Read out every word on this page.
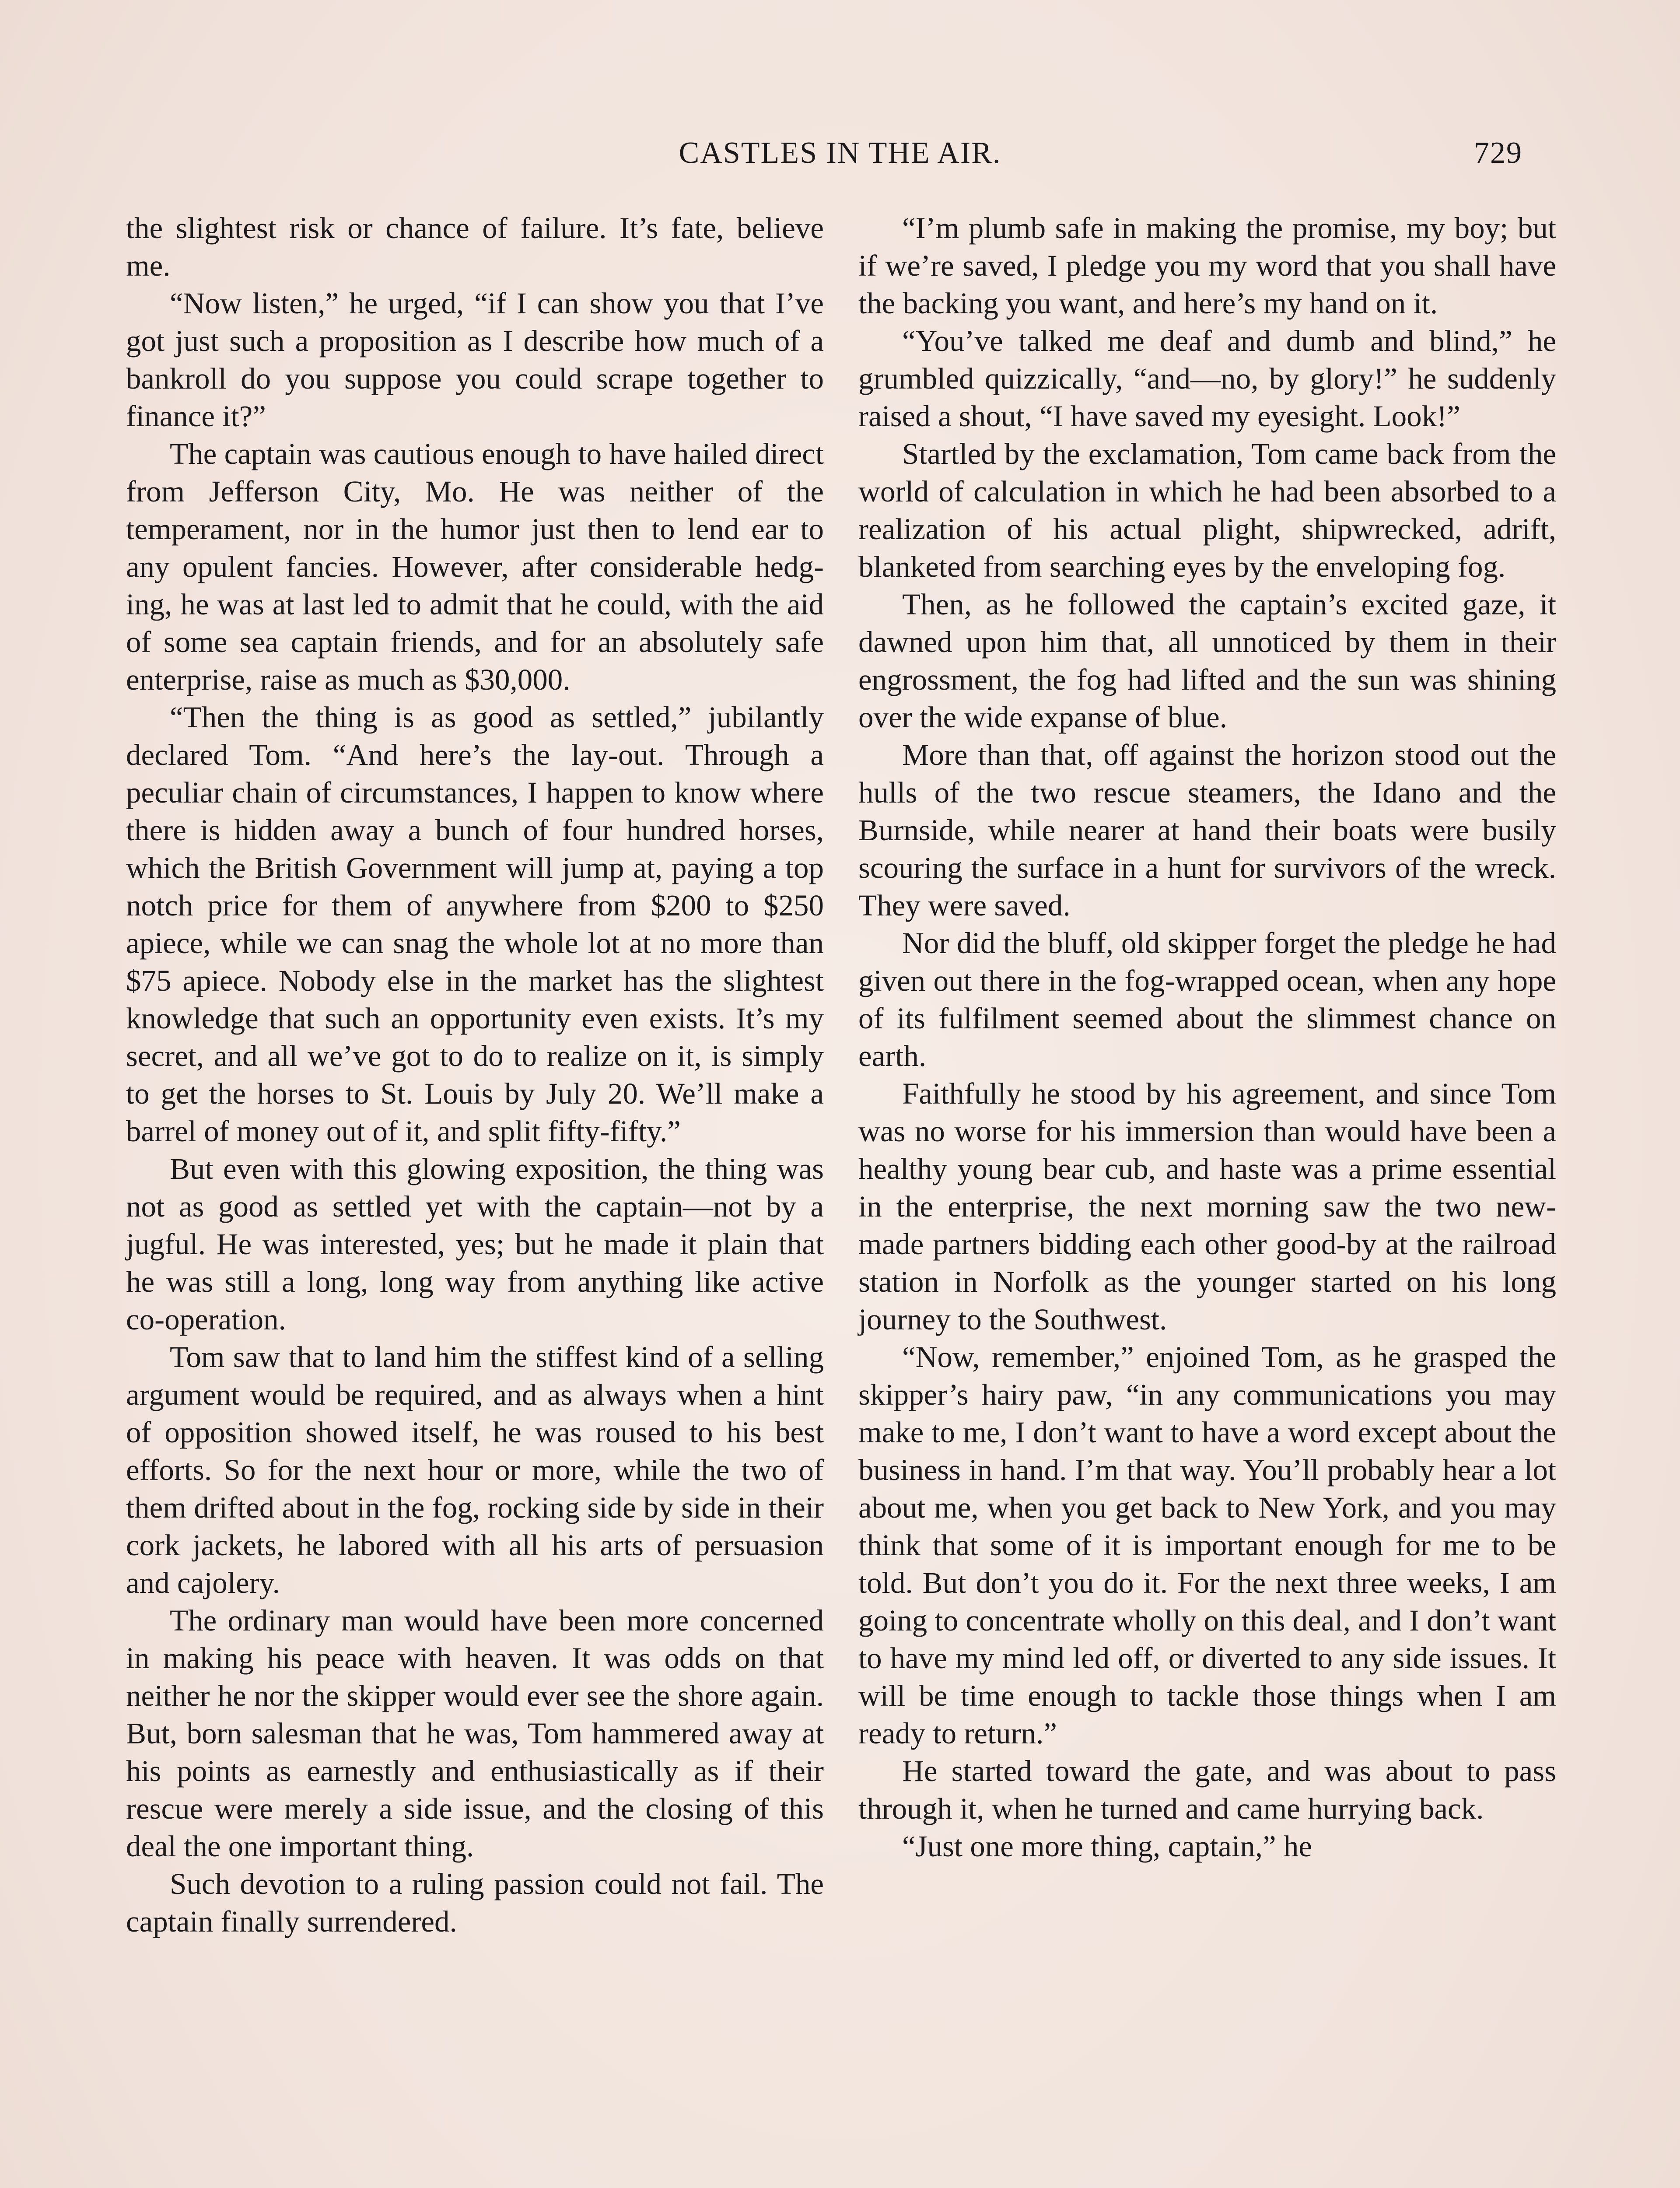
CASTLES IN THE AIR.	729

the slightest risk or chance of failure. It’s fate, believe me.

“Now listen,” he urged, “if I can show you that I’ve got just such a proposition as I describe how much of a bankroll do you suppose you could scrape together to finance it?”

The captain was cautious enough to have hailed direct from Jefferson City, Mo. He was neither of the temperament, nor in the humor just then to lend ear to any opulent fancies. However, after considerable hedging, he was at last led to admit that he could, with the aid of some sea captain friends, and for an absolutely safe enterprise, raise as much as $30,000.

“Then the thing is as good as settled,” jubilantly declared Tom. “And here’s the lay-out. Through a peculiar chain of circumstances, I happen to know where there is hidden away a bunch of four hundred horses, which the British Government will jump at, paying a top notch price for them of anywhere from $200 to $250 apiece, while we can snag the whole lot at no more than $75 apiece. Nobody else in the market has the slightest knowledge that such an opportunity even exists. It’s my secret, and all we’ve got to do to realize on it, is simply to get the horses to St. Louis by July 20. We’ll make a barrel of money out of it, and split fifty-fifty.”

But even with this glowing exposition, the thing was not as good as settled yet with the captain—not by a jugful. He was interested, yes; but he made it plain that he was still a long, long way from anything like active co-operation.

Tom saw that to land him the stiffest kind of a selling argument would be required, and as always when a hint of opposition showed itself, he was roused to his best efforts. So for the next hour or more, while the two of them drifted about in the fog, rocking side by side in their cork jackets, he labored with all his arts of persuasion and cajolery.

The ordinary man would have been more concerned in making his peace with heaven. It was odds on that neither he nor the skipper would ever see the shore again. But, born salesman that he was, Tom hammered away at his points as earnestly and enthusiastically as if their rescue were merely a side issue, and the closing of this deal the one important thing.

Such devotion to a ruling passion could not fail. The captain finally surrendered.

“I’m plumb safe in making the promise, my boy; but if we’re saved, I pledge you my word that you shall have the backing you want, and here’s my hand on it.

“You’ve talked me deaf and dumb and blind,” he grumbled quizzically, “and—no, by glory!” he suddenly raised a shout, “I have saved my eyesight. Look!”

Startled by the exclamation, Tom came back from the world of calculation in which he had been absorbed to a realization of his actual plight, shipwrecked, adrift, blanketed from searching eyes by the enveloping fog.

Then, as he followed the captain’s excited gaze, it dawned upon him that, all unnoticed by them in their engrossment, the fog had lifted and the sun was shining over the wide expanse of blue.

More than that, off against the horizon stood out the hulls of the two rescue steamers, the Idano and the Burnside, while nearer at hand their boats were busily scouring the surface in a hunt for survivors of the wreck. They were saved.

Nor did the bluff, old skipper forget the pledge he had given out there in the fog-wrapped ocean, when any hope of its fulfilment seemed about the slimmest chance on earth.

Faithfully he stood by his agreement, and since Tom was no worse for his immersion than would have been a healthy young bear cub, and haste was a prime essential in the enterprise, the next morning saw the two new-made partners bidding each other good-by at the railroad station in Norfolk as the younger started on his long journey to the Southwest.

“Now, remember,” enjoined Tom, as he grasped the skipper’s hairy paw, “in any communications you may make to me, I don’t want to have a word except about the business in hand. I’m that way. You’ll probably hear a lot about me, when you get back to New York, and you may think that some of it is important enough for me to be told. But don’t you do it. For the next three weeks, I am going to concentrate wholly on this deal, and I don’t want to have my mind led off, or diverted to any side issues. It will be time enough to tackle those things when I am ready to return.”

He started toward the gate, and was about to pass through it, when he turned and came hurrying back.

“Just one more thing, captain,” he
